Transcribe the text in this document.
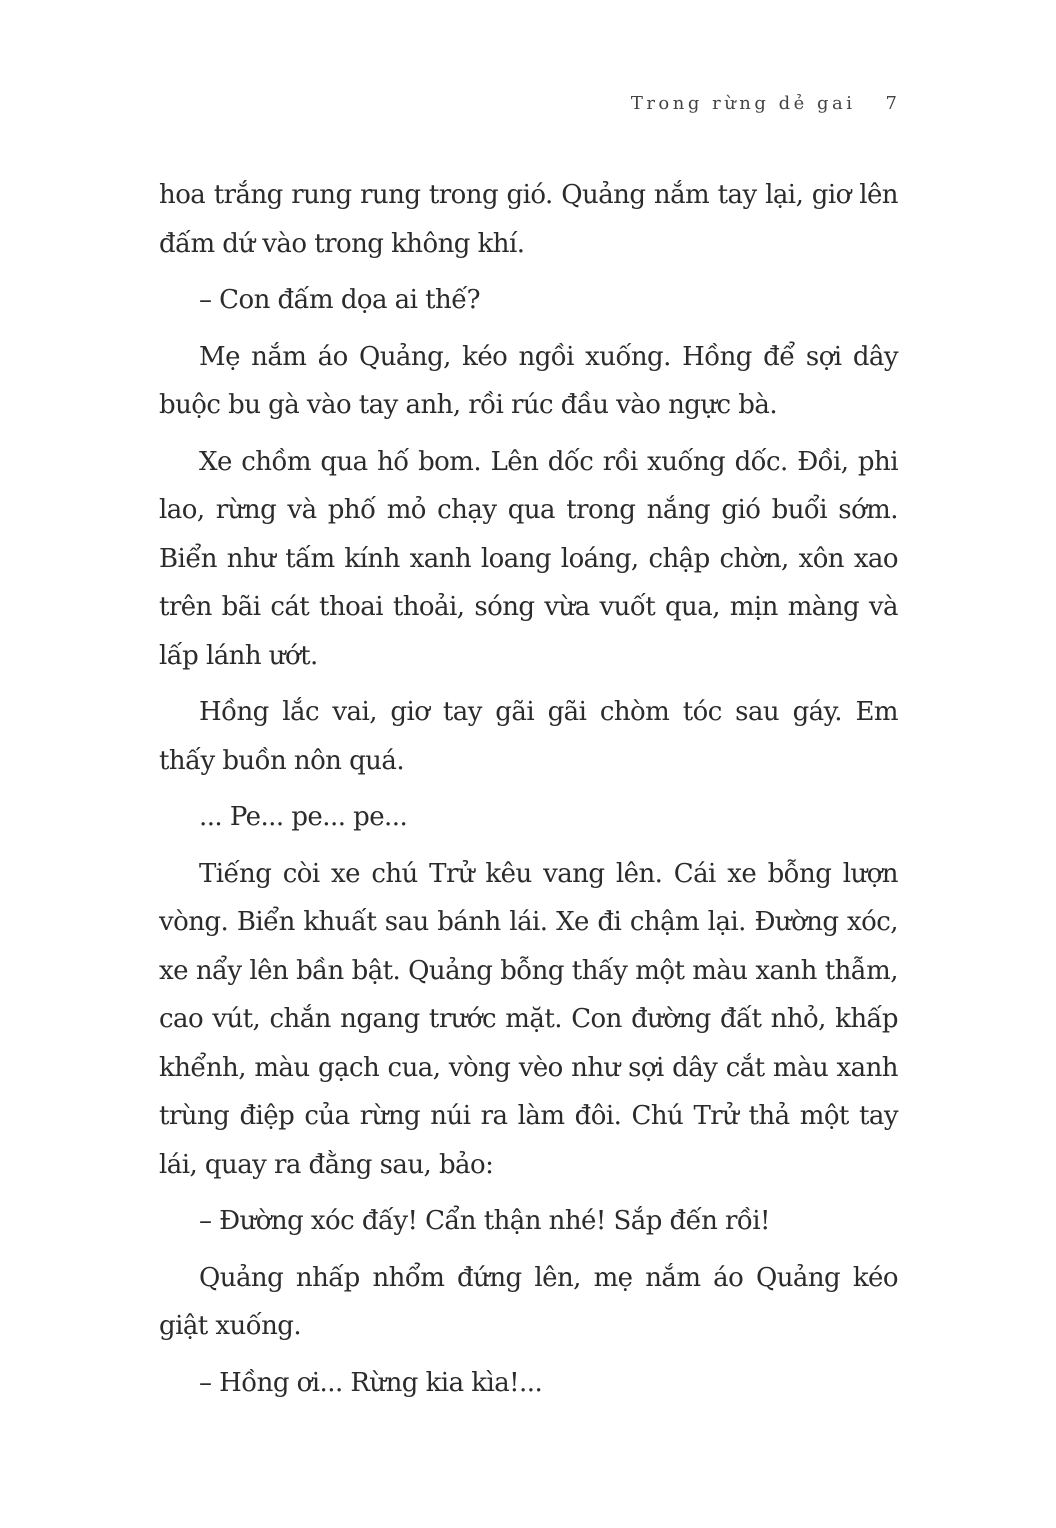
Trong rừng dẻ gai 7

hoa trắng rung rung trong gió. Quảng nắm tay lại, giơ lên đấm dứ vào trong không khí.

– Con đấm dọa ai thế?

Mẹ nắm áo Quảng, kéo ngồi xuống. Hồng để sợi dây buộc bu gà vào tay anh, rồi rúc đầu vào ngực bà.

Xe chồm qua hố bom. Lên dốc rồi xuống dốc. Đồi, phi lao, rừng và phố mỏ chạy qua trong nắng gió buổi sớm. Biển như tấm kính xanh loang loáng, chập chờn, xôn xao trên bãi cát thoai thoải, sóng vừa vuốt qua, mịn màng và lấp lánh ướt.

Hồng lắc vai, giơ tay gãi gãi chòm tóc sau gáy. Em thấy buồn nôn quá.

... Pe... pe... pe...

Tiếng còi xe chú Trử kêu vang lên. Cái xe bỗng lượn vòng. Biển khuất sau bánh lái. Xe đi chậm lại. Đường xóc, xe nẩy lên bần bật. Quảng bỗng thấy một màu xanh thẫm, cao vút, chắn ngang trước mặt. Con đường đất nhỏ, khấp khểnh, màu gạch cua, vòng vèo như sợi dây cắt màu xanh trùng điệp của rừng núi ra làm đôi. Chú Trử thả một tay lái, quay ra đằng sau, bảo:

– Đường xóc đấy! Cẩn thận nhé! Sắp đến rồi!

Quảng nhấp nhổm đứng lên, mẹ nắm áo Quảng kéo giật xuống.

– Hồng ơi... Rừng kia kìa!...
